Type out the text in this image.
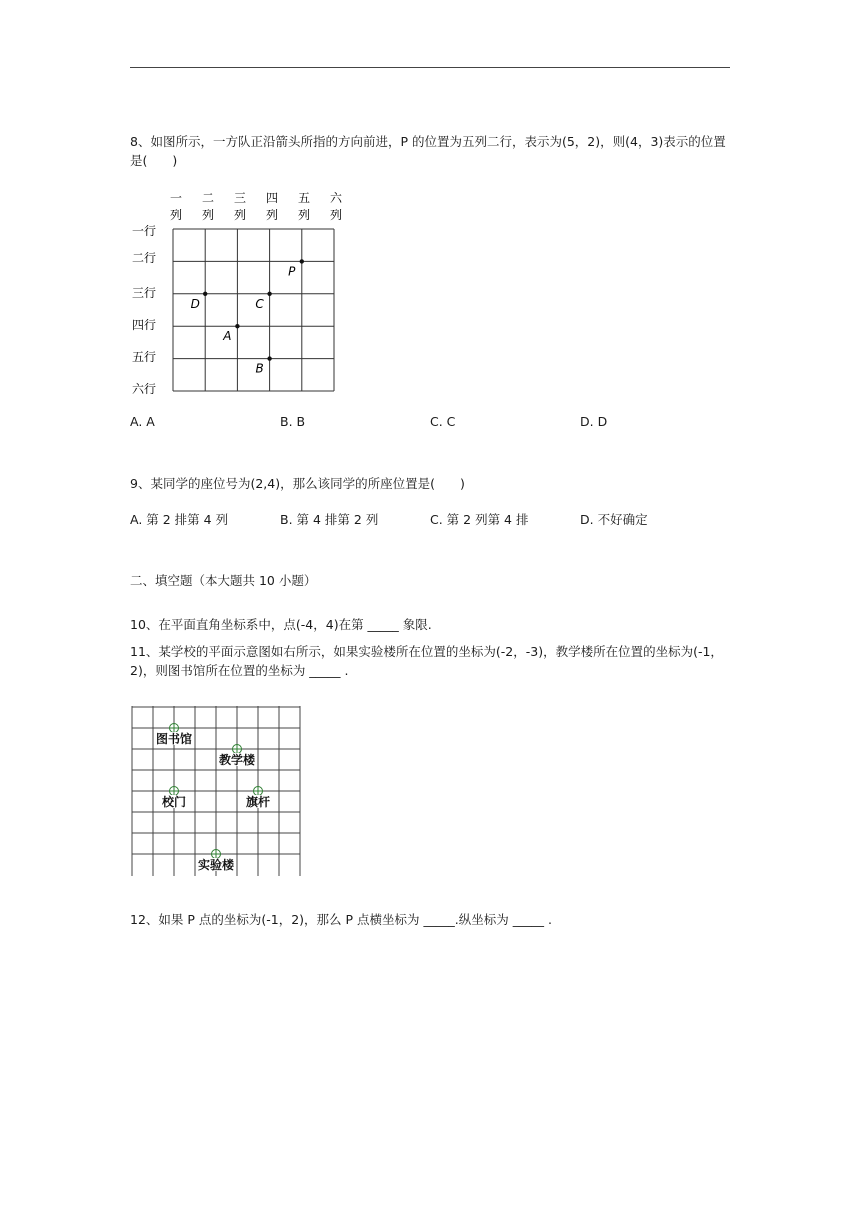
8、如图所示，一方队正沿箭头所指的方向前进，P 的位置为五列二行，表示为(5，2)，则(4，3)表示的位置是(　　)
一 二 三 四 五 六
列 列 列 列 列 列
一行
二行
三行
四行
五行
六行
P
D	C
A
B
A. A	B. B	C. C	D. D
9、某同学的座位号为(2,4)，那么该同学的所座位置是(　　)
A. 第 2 排第 4 列	B. 第 4 排第 2 列	C. 第 2 列第 4 排	D. 不好确定
二、填空题（本大题共 10 小题）
10、在平面直角坐标系中，点(-4，4)在第 _____ 象限.
11、某学校的平面示意图如右所示，如果实验楼所在位置的坐标为(-2，-3)，教学楼所在位置的坐标为(-1，2)，则图书馆所在位置的坐标为 _____ .
图书馆
教学楼
校门	旗杆
实验楼
12、如果 P 点的坐标为(-1，2)，那么 P 点横坐标为 _____.纵坐标为 _____ .
